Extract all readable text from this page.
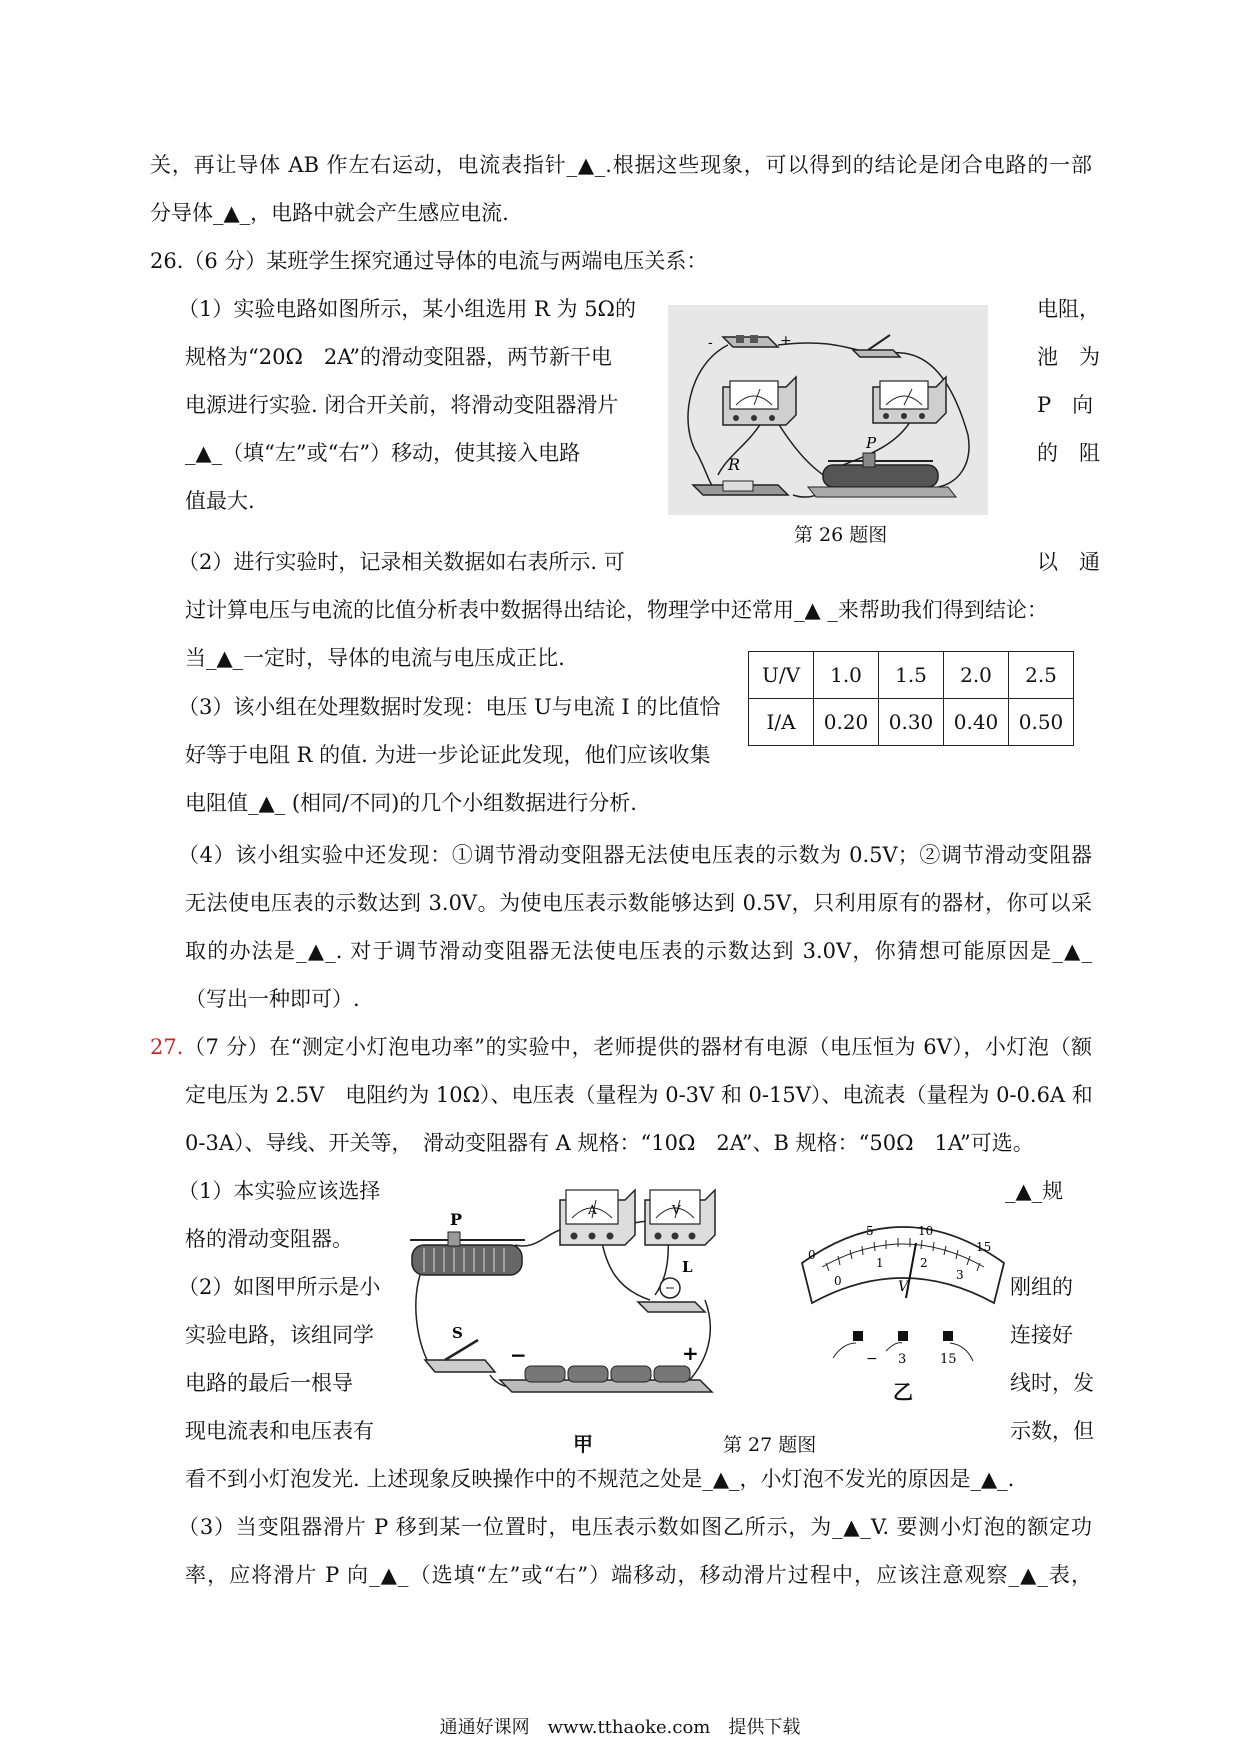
关，再让导体 AB 作左右运动，电流表指针_▲_.根据这些现象，可以得到的结论是闭合电路的一部
分导体_▲_，电路中就会产生感应电流.
26.（6 分）某班学生探究通过导体的电流与两端电压关系：
（1）实验电路如图所示，某小组选用 R 为 5Ω的	电阻，
规格为“20Ω　2A”的滑动变阻器，两节新干电	池　为
电源进行实验. 闭合开关前，将滑动变阻器滑片	P　向
_▲_（填“左”或“右”）移动，使其接入电路	的　阻
值最大.
（2）进行实验时，记录相关数据如右表所示. 可	以　通
过计算电压与电流的比值分析表中数据得出结论，物理学中还常用_▲ _来帮助我们得到结论：
当_▲_一定时，导体的电流与电压成正比.
（3）该小组在处理数据时发现：电压 U与电流 I 的比值恰
好等于电阻 R 的值. 为进一步论证此发现，他们应该收集
电阻值_▲_ (相同/不同)的几个小组数据进行分析.
（4）该小组实验中还发现：①调节滑动变阻器无法使电压表的示数为 0.5V；②调节滑动变阻器
无法使电压表的示数达到 3.0V。为使电压表示数能够达到 0.5V，只利用原有的器材，你可以采
取的办法是_▲_. 对于调节滑动变阻器无法使电压表的示数达到 3.0V，你猜想可能原因是_▲_
（写出一种即可）.
27. （7 分）在“测定小灯泡电功率”的实验中，老师提供的器材有电源（电压恒为 6V），小灯泡（额
定电压为 2.5V　电阻约为 10Ω）、电压表（量程为 0-3V 和 0-15V）、电流表（量程为 0-0.6A 和
0-3A）、导线、开关等，　滑动变阻器有 A 规格：“10Ω　2A”、B 规格：“50Ω　1A”可选。
（1）本实验应该选择	_▲_规
格的滑动变阻器。
（2）如图甲所示是小	刚组的
实验电路，该组同学	连接好
电路的最后一根导	线时，发
现电流表和电压表有	示数，但
看不到小灯泡发光. 上述现象反映操作中的不规范之处是_▲_，小灯泡不发光的原因是_▲_.
（3）当变阻器滑片 P 移到某一位置时，电压表示数如图乙所示，为_▲_V. 要测小灯泡的额定功
率，应将滑片 P 向_▲_（选填“左”或“右”）端移动，移动滑片过程中，应该注意观察_▲_表，
-	+
R
P
第 26 题图
U/V	1.0	1.5	2.0	2.5
I/A	0.20	0.30	0.40	0.50
P	A	V
L
S
−	+
甲	第 27 题图
0
5	10
15
0
1	2
3
V
− 3	15
乙
通通好课网　www.tthaoke.com　提供下载
